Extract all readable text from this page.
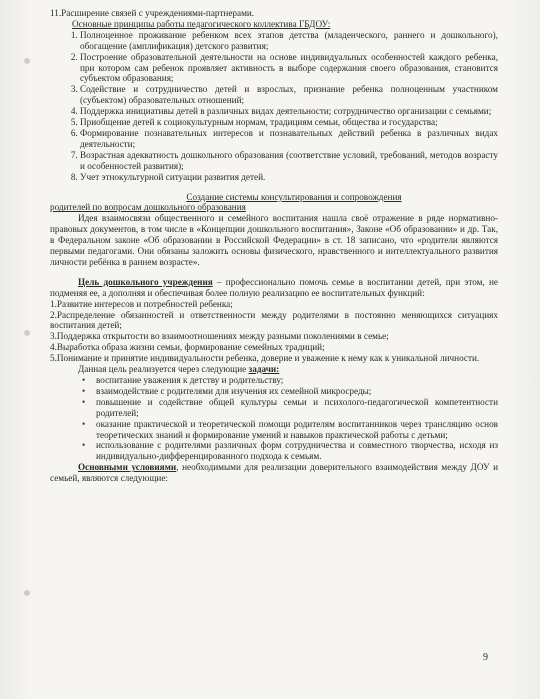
11.Расширение связей с учреждениями-партнерами.
Основные принципы работы педагогического коллектива ГБДОУ:
1. Полноценное проживание ребенком всех этапов детства (младенческого, раннего и дошкольного), обогащение (амплификация) детского развития;
2. Построение образовательной деятельности на основе индивидуальных особенностей каждого ребенка, при котором сам ребенок проявляет активность в выборе содержания своего образования, становится субъектом образования;
3. Содействие и сотрудничество детей и взрослых, признание ребенка полноценным участником (субъектом) образовательных отношений;
4. Поддержка инициативы детей в различных видах деятельности; сотрудничество организации с семьями;
5. Приобщение детей к социокультурным нормам, традициям семьи, общества и государства;
6. Формирование познавательных интересов и познавательных действий ребенка в различных видах деятельности;
7. Возрастная адекватность дошкольного образования (соответствие условий, требований, методов возрасту и особенностей развития);
8. Учет этнокультурной ситуации развития детей.
Создание системы консультирования и сопровождения
родителей по вопросам дошкольного образования
Идея взаимосвязи общественного и семейного воспитания нашла своё отражение в ряде нормативно-правовых документов, в том числе в «Концепции дошкольного воспитания», Законе «Об образовании» и др. Так, в Федеральном законе «Об образовании в Российской Федерации» в ст. 18 записано, что «родители являются первыми педагогами. Они обязаны заложить основы физического, нравственного и интеллектуального развития личности ребёнка в раннем возрасте».
Цель дошкольного учреждения – профессионально помочь семье в воспитании детей, при этом, не подменяя ее, а дополняя и обеспечивая более полную реализацию ее воспитательных функций:
1.Развитие интересов и потребностей ребенка;
2.Распределение обязанностей и ответственности между родителями в постоянно меняющихся ситуациях воспитания детей;
3.Поддержка открытости во взаимоотношениях между разными поколениями в семье;
4.Выработка образа жизни семьи, формирование семейных традиций;
5.Понимание и принятие индивидуальности ребенка, доверие и уважение к нему как к уникальной личности.
Данная цель реализуется через следующие задачи:
• воспитание уважения к детству и родительству;
• взаимодействие с родителями для изучения их семейной микросреды;
• повышение и содействие общей культуры семьи и психолого-педагогической компетентности родителей;
• оказание практической и теоретической помощи родителям воспитанников через трансляцию основ теоретических знаний и формирование умений и навыков практической работы с детьми;
• использование с родителями различных форм сотрудничества и совместного творчества, исходя из индивидуально-дифференцированного подхода к семьям.
Основными условиями, необходимыми для реализации доверительного взаимодействия между ДОУ и семьей, являются следующие:
9
